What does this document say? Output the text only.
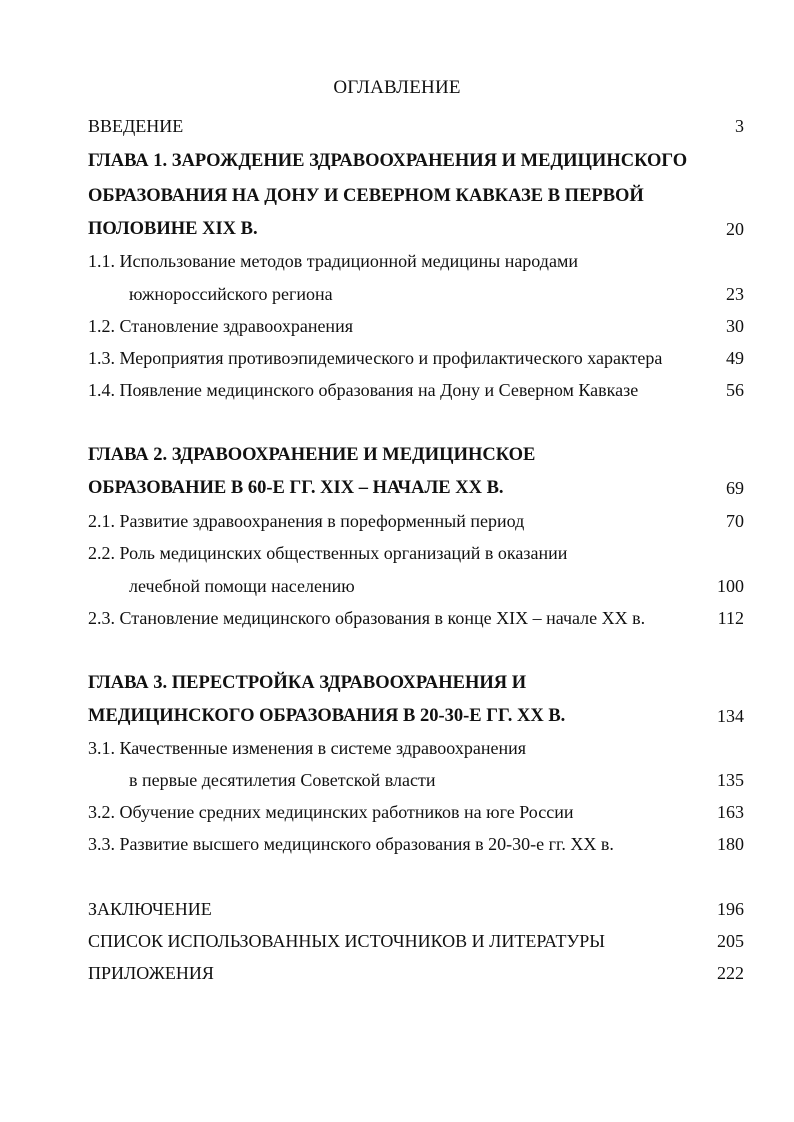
ОГЛАВЛЕНИЕ
ВВЕДЕНИЕ	3
ГЛАВА 1. ЗАРОЖДЕНИЕ ЗДРАВООХРАНЕНИЯ И МЕДИЦИНСКОГО
ОБРАЗОВАНИЯ НА ДОНУ И СЕВЕРНОМ КАВКАЗЕ В ПЕРВОЙ
ПОЛОВИНЕ XIX В.	20
1.1. Использование методов традиционной медицины народами
южнороссийского региона	23
1.2. Становление здравоохранения	30
1.3. Мероприятия противоэпидемического и профилактического характера	49
1.4. Появление медицинского образования на Дону и Северном Кавказе	56
ГЛАВА 2. ЗДРАВООХРАНЕНИЕ И МЕДИЦИНСКОЕ
ОБРАЗОВАНИЕ В 60-Е ГГ. XIX – НАЧАЛЕ XX В.	69
2.1. Развитие здравоохранения в пореформенный период	70
2.2. Роль медицинских общественных организаций в оказании
лечебной помощи населению	100
2.3. Становление медицинского образования в конце XIX – начале XX в.	112
ГЛАВА 3. ПЕРЕСТРОЙКА ЗДРАВООХРАНЕНИЯ И
МЕДИЦИНСКОГО ОБРАЗОВАНИЯ В 20-30-Е ГГ. XX В.	134
3.1. Качественные изменения в системе здравоохранения
в первые десятилетия Советской власти	135
3.2. Обучение средних медицинских работников на юге России	163
3.3. Развитие высшего медицинского образования в 20-30-е гг. XX в.	180
ЗАКЛЮЧЕНИЕ	196
СПИСОК ИСПОЛЬЗОВАННЫХ ИСТОЧНИКОВ И ЛИТЕРАТУРЫ	205
ПРИЛОЖЕНИЯ	222
